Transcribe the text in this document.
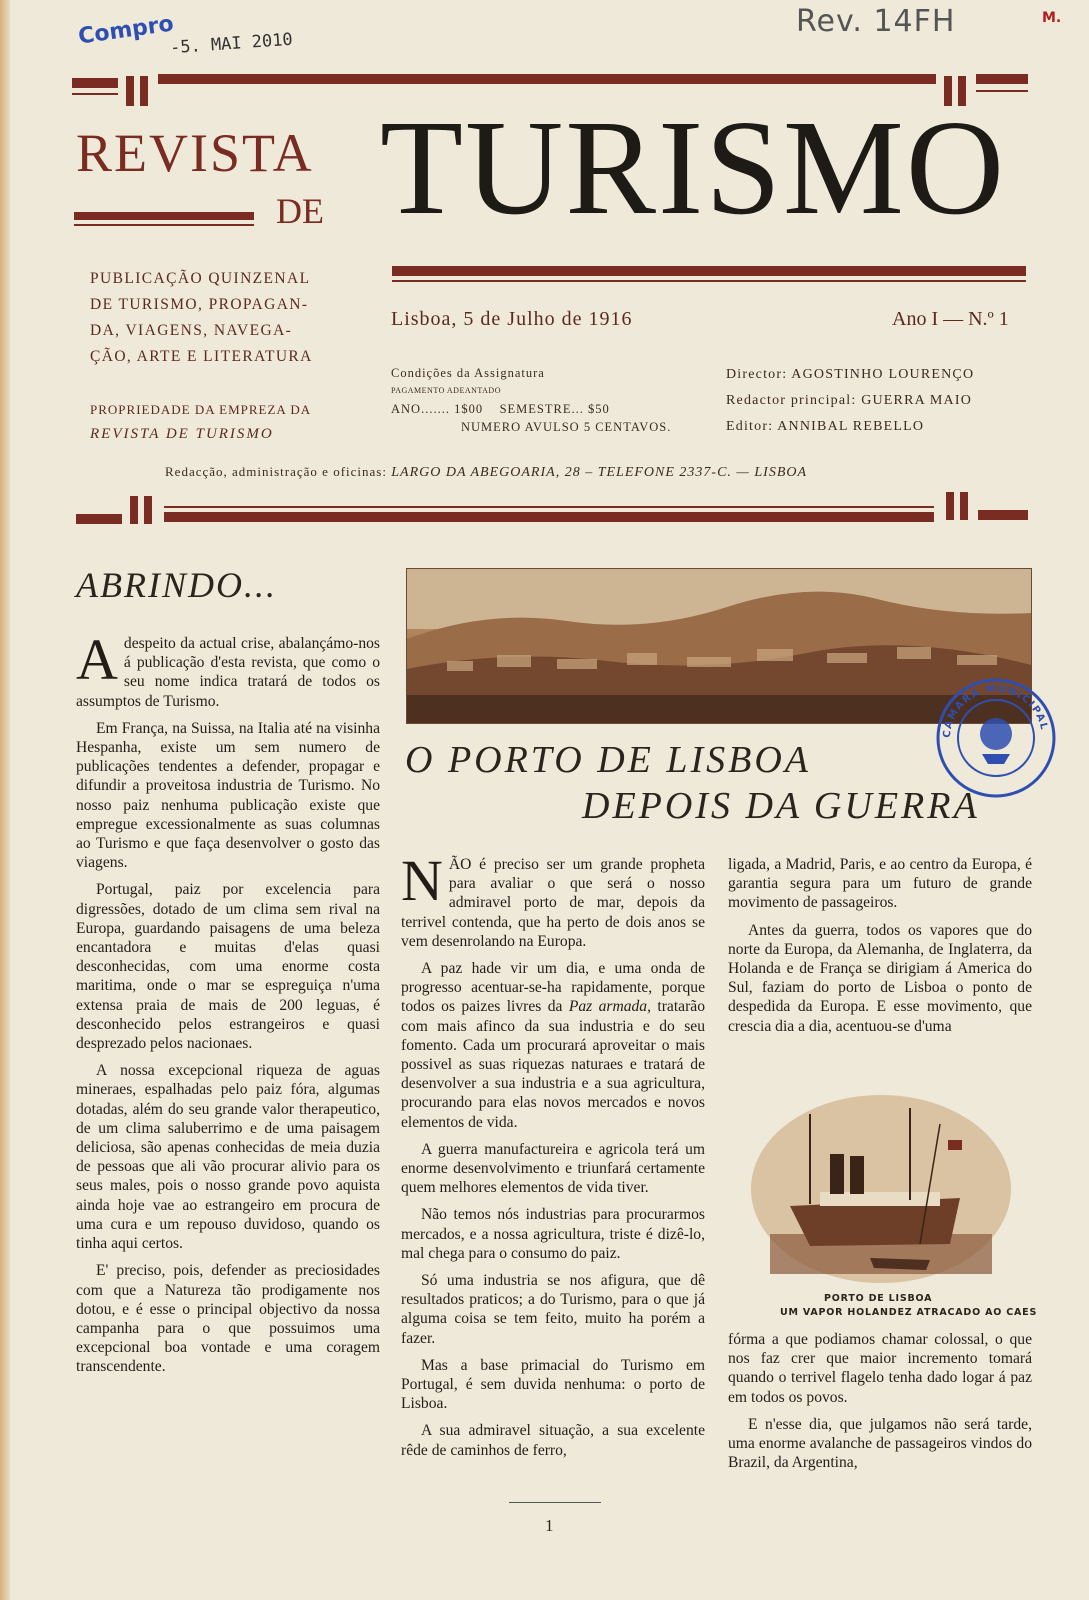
Compro
-5. MAI 2010
Rev. 14FH	M.
REVISTA
DE TURISMO
PUBLICAÇÃO QUINZENAL
DE TURISMO, PROPAGAN-
DA, VIAGENS, NAVEGA-
ÇÃO, ARTE E LITERATURA
PROPRIEDADE DA EMPREZA DA
REVISTA DE TURISMO
Lisboa, 5 de Julho de 1916	Ano I — N.º 1
Condições da Assignatura
PAGAMENTO ADEANTADO
ANO....... 1$00 SEMESTRE... $50
NUMERO AVULSO 5 CENTAVOS.
Director: AGOSTINHO LOURENÇO
Redactor principal: GUERRA MAIO
Editor: ANNIBAL REBELLO
Redacção, administração e oficinas: LARGO DA ABEGOARIA, 28 – TELEFONE 2337-C. — LISBOA
ABRINDO...

Adespeito da actual crise, abalançámo-nos á publicação d'esta revista, que como o seu nome indica tratará de todos os assumptos de Turismo.

Em França, na Suissa, na Italia até na visinha Hespanha, existe um sem numero de publicações tendentes a defender, propagar e difundir a proveitosa industria de Turismo. No nosso paiz nenhuma publicação existe que empregue excessionalmente as suas columnas ao Turismo e que faça desenvolver o gosto das viagens.

Portugal, paiz por excelencia para digressões, dotado de um clima sem rival na Europa, guardando paisagens de uma beleza encantadora e muitas d'elas quasi desconhecidas, com uma enorme costa maritima, onde o mar se espreguiça n'uma extensa praia de mais de 200 leguas, é desconhecido pelos estrangeiros e quasi desprezado pelos nacionaes.

A nossa excepcional riqueza de aguas mineraes, espalhadas pelo paiz fóra, algumas dotadas, além do seu grande valor therapeutico, de um clima saluberrimo e de uma paisagem deliciosa, são apenas conhecidas de meia duzia de pessoas que ali vão procurar alivio para os seus males, pois o nosso grande povo aquista ainda hoje vae ao estrangeiro em procura de uma cura e um repouso duvidoso, quando os tinha aqui certos.

E' preciso, pois, defender as preciosidades com que a Natureza tão prodigamente nos dotou, e é esse o principal objectivo da nossa campanha para o que possuimos uma excepcional boa vontade e uma coragem transcendente.

CAMARA MUNICIPAL
O PORTO DE LISBOA
DEPOIS DA GUERRA

NÃO é preciso ser um grande propheta para avaliar o que será o nosso admiravel porto de mar, depois da terrivel contenda, que ha perto de dois anos se vem desenrolando na Europa.

A paz hade vir um dia, e uma onda de progresso acentuar-se-ha rapidamente, porque todos os paizes livres da Paz armada, tratarão com mais afinco da sua industria e do seu fomento. Cada um procurará aproveitar o mais possivel as suas riquezas naturaes e tratará de desenvolver a sua industria e a sua agricultura, procurando para elas novos mercados e novos elementos de vida.

A guerra manufactureira e agricola terá um enorme desenvolvimento e triunfará certamente quem melhores elementos de vida tiver.

Não temos nós industrias para procurarmos mercados, e a nossa agricultura, triste é dizê-lo, mal chega para o consumo do paiz.

Só uma industria se nos afigura, que dê resultados praticos; a do Turismo, para o que já alguma coisa se tem feito, muito ha porém a fazer.

Mas a base primacial do Turismo em Portugal, é sem duvida nenhuma: o porto de Lisboa.

A sua admiravel situação, a sua excelente rêde de caminhos de ferro,

ligada, a Madrid, Paris, e ao centro da Europa, é garantia segura para um futuro de grande movimento de passageiros.

Antes da guerra, todos os vapores que do norte da Europa, da Alemanha, de Inglaterra, da Holanda e de França se dirigiam á America do Sul, faziam do porto de Lisboa o ponto de despedida da Europa. E esse movimento, que crescia dia a dia, acentuou-se d'uma

PORTO DE LISBOA
UM VAPOR HOLANDEZ ATRACADO AO CAES

fórma a que podiamos chamar colossal, o que nos faz crer que maior incremento tomará quando o terrivel flagelo tenha dado logar á paz em todos os povos.

E n'esse dia, que julgamos não será tarde, uma enorme avalanche de passageiros vindos do Brazil, da Argentina,

1
